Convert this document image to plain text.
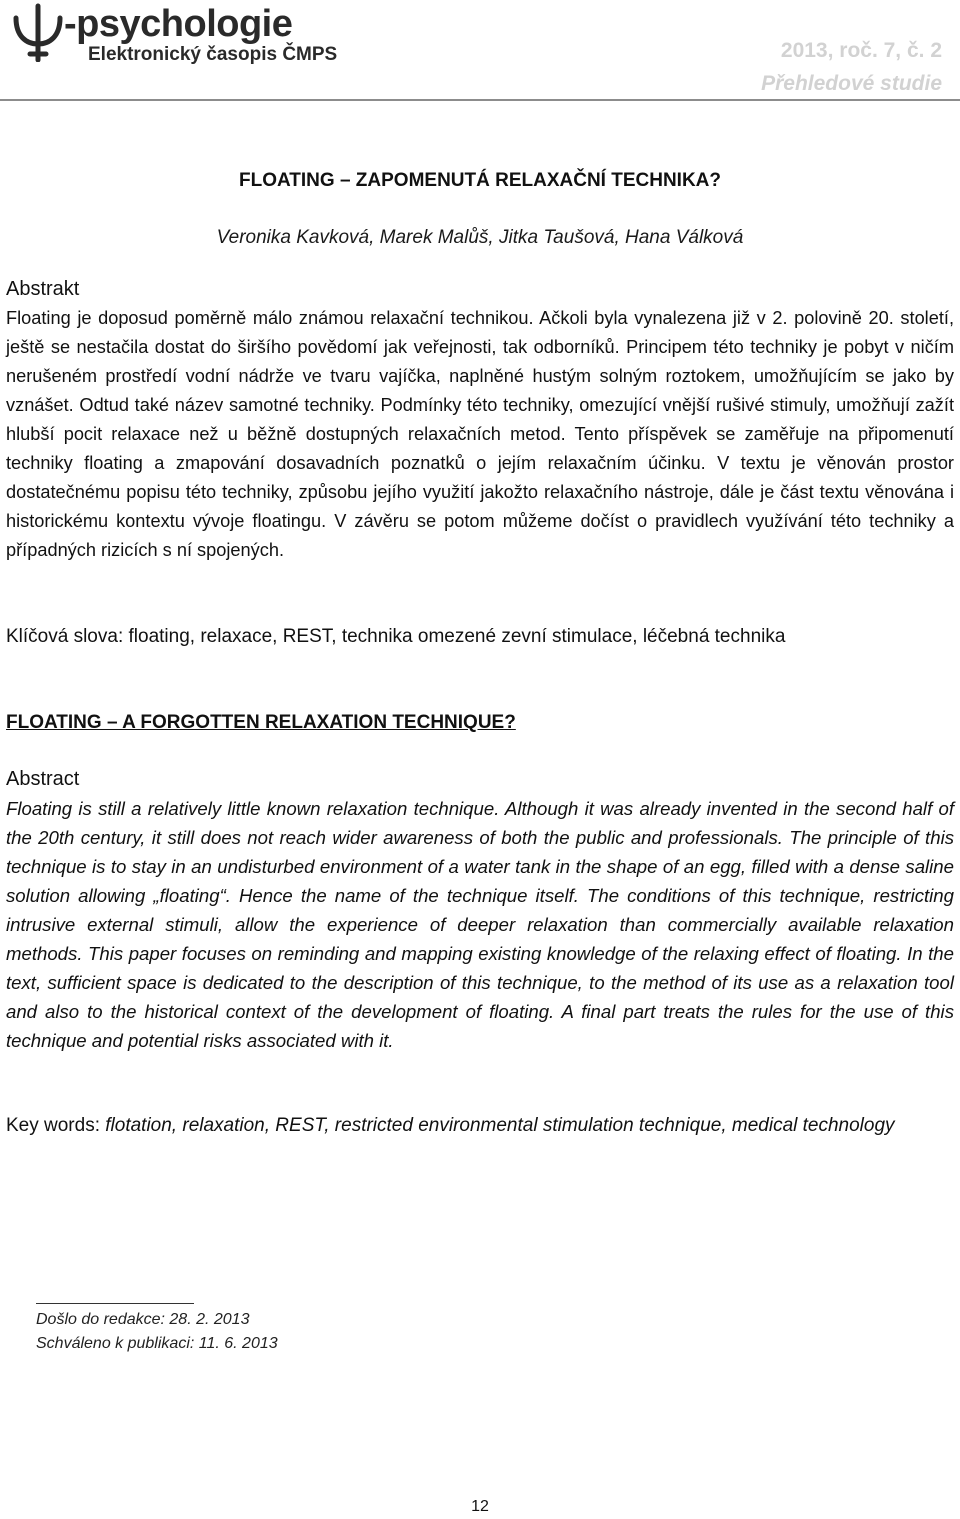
-psychologie
Elektronický časopis ČMPS	2013, roč. 7, č. 2
Přehledové studie
FLOATING – ZAPOMENUTÁ RELAXAČNÍ TECHNIKA?
Veronika Kavková, Marek Malůš, Jitka Taušová, Hana Válková
Abstrakt
Floating je doposud poměrně málo známou relaxační technikou. Ačkoli byla vynalezena již v 2. polovině 20. století, ještě se nestačila dostat do širšího povědomí jak veřejnosti, tak odborníků. Principem této techniky je pobyt v ničím nerušeném prostředí vodní nádrže ve tvaru vajíčka, naplněné hustým solným roztokem, umožňujícím se jako by vznášet. Odtud také název samotné techniky. Podmínky této techniky, omezující vnější rušivé stimuly, umožňují zažít hlubší pocit relaxace než u běžně dostupných relaxačních metod. Tento příspěvek se zaměřuje na připomenutí techniky floating a zmapování dosavadních poznatků o jejím relaxačním účinku. V textu je věnován prostor dostatečnému popisu této techniky, způsobu jejího využití jakožto relaxačního nástroje, dále je část textu věnována i historickému kontextu vývoje floatingu. V závěru se potom můžeme dočíst o pravidlech využívání této techniky a případných rizicích s ní spojených.
Klíčová slova: floating, relaxace, REST, technika omezené zevní stimulace, léčebná technika
FLOATING – A FORGOTTEN RELAXATION TECHNIQUE?
Abstract
Floating is still a relatively little known relaxation technique. Although it was already invented in the second half of the 20th century, it still does not reach wider awareness of both the public and professionals. The principle of this technique is to stay in an undisturbed environment of a water tank in the shape of an egg, filled with a dense saline solution allowing „floating“. Hence the name of the technique itself. The conditions of this technique, restricting intrusive external stimuli, allow the experience of deeper relaxation than commercially available relaxation methods. This paper focuses on reminding and mapping existing knowledge of the relaxing effect of floating. In the text, sufficient space is dedicated to the description of this technique, to the method of its use as a relaxation tool and also to the historical context of the development of floating. A final part treats the rules for the use of this technique and potential risks associated with it.
Key words: flotation, relaxation, REST, restricted environmental stimulation technique, medical technology
Došlo do redakce: 28. 2. 2013
Schváleno k publikaci: 11. 6. 2013
12
